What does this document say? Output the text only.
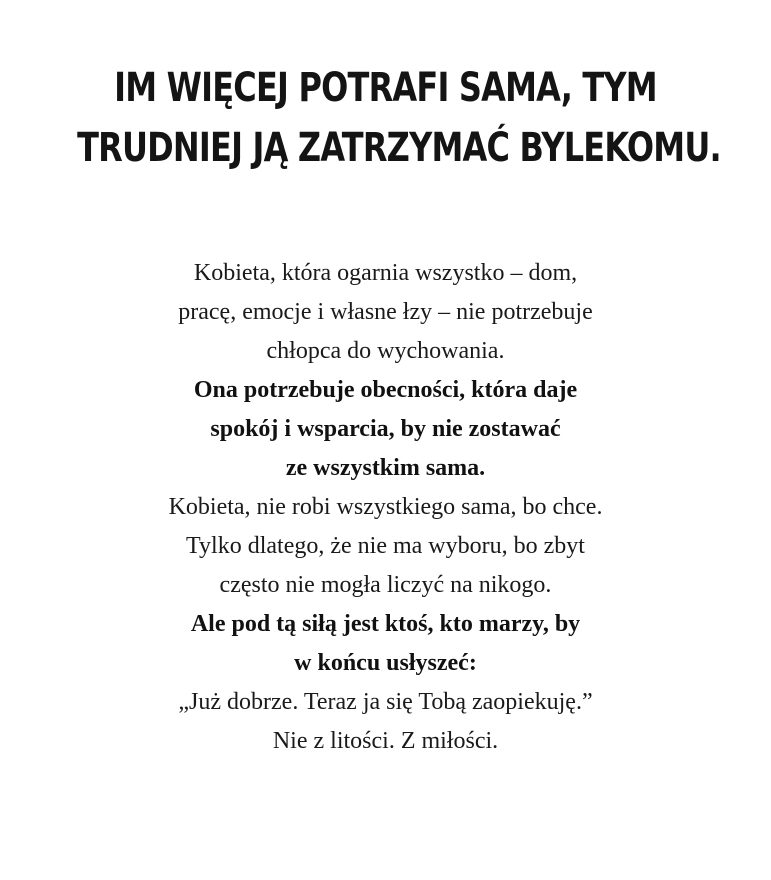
IM WIĘCEJ POTRAFI SAMA, TYM
TRUDNIEJ JĄ ZATRZYMAĆ BYLEKOMU.
Kobieta, która ogarnia wszystko – dom,
pracę, emocje i własne łzy – nie potrzebuje
chłopca do wychowania.
Ona potrzebuje obecności, która daje
spokój i wsparcia, by nie zostawać
ze wszystkim sama.
Kobieta, nie robi wszystkiego sama, bo chce.
Tylko dlatego, że nie ma wyboru, bo zbyt
często nie mogła liczyć na nikogo.
Ale pod tą siłą jest ktoś, kto marzy, by
w końcu usłyszeć:
„Już dobrze. Teraz ja się Tobą zaopiekuję.”
Nie z litości. Z miłości.
